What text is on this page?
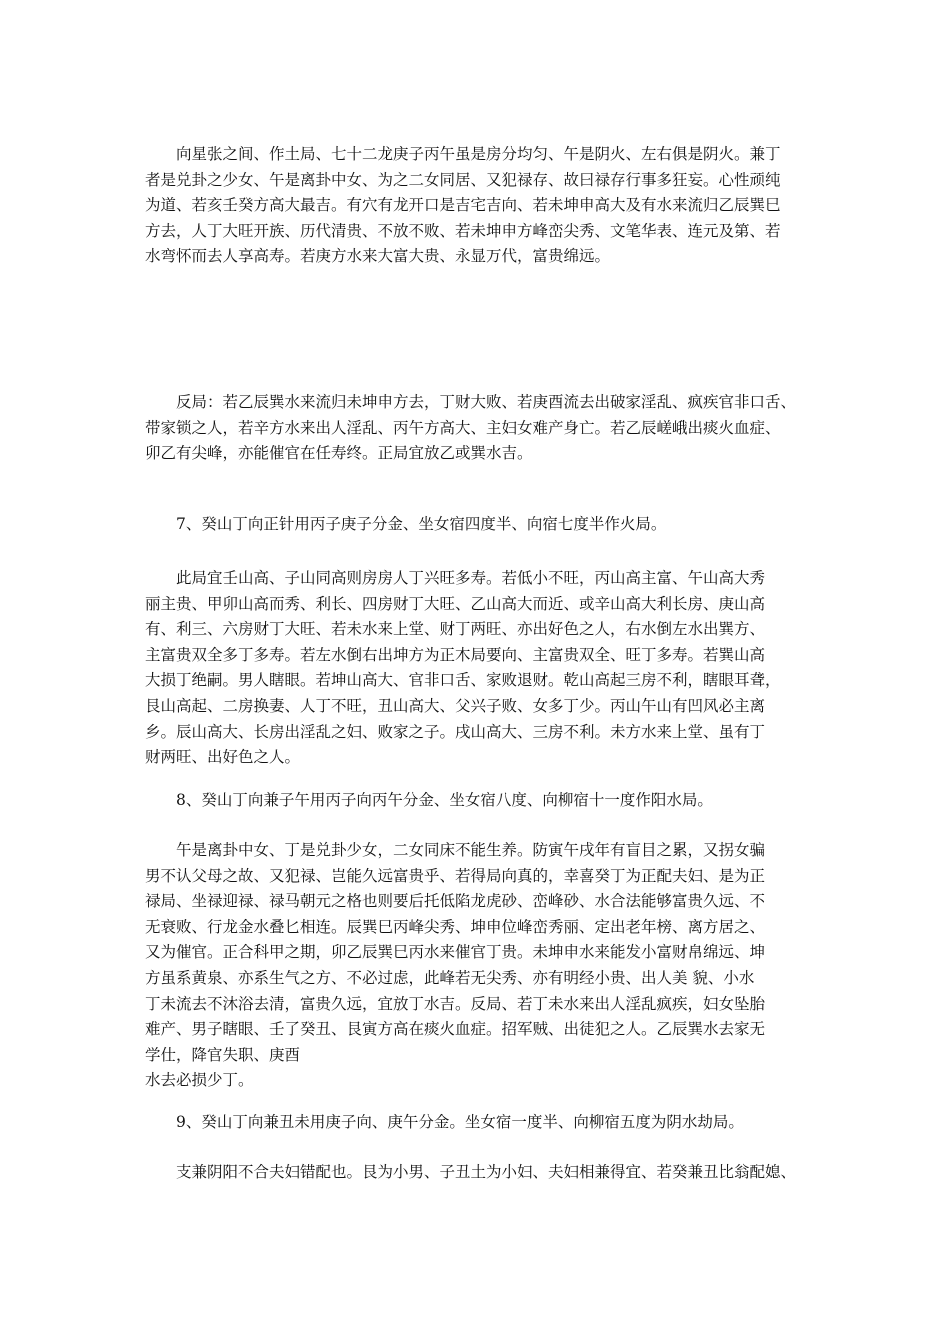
向星张之间、作土局、七十二龙庚子丙午虽是房分均匀、午是阴火、左右俱是阴火。兼丁
者是兑卦之少女、午是离卦中女、为之二女同居、又犯禄存、故曰禄存行事多狂妄。心性顽纯
为道、若亥壬癸方高大最吉。有穴有龙开口是吉宅吉向、若未坤申高大及有水来流归乙辰巽巳
方去，人丁大旺开族、历代清贵、不放不败、若未坤申方峰峦尖秀、文笔华表、连元及第、若
水弯怀而去人享高寿。若庚方水来大富大贵、永显万代，富贵绵远。
反局：若乙辰巽水来流归未坤申方去，丁财大败、若庚酉流去出破家淫乱、疯疾官非口舌、
带家锁之人，若辛方水来出人淫乱、丙午方高大、主妇女难产身亡。若乙辰嵯峨出痰火血症、
卯乙有尖峰，亦能催官在任寿终。正局宜放乙或巽水吉。
7、癸山丁向正针用丙子庚子分金、坐女宿四度半、向宿七度半作火局。
此局宜壬山高、子山同高则房房人丁兴旺多寿。若低小不旺，丙山高主富、午山高大秀
丽主贵、甲卯山高而秀、利长、四房财丁大旺、乙山高大而近、或辛山高大利长房、庚山高
有、利三、六房财丁大旺、若未水来上堂、财丁两旺、亦出好色之人，右水倒左水出巽方、
主富贵双全多丁多寿。若左水倒右出坤方为正木局要向、主富贵双全、旺丁多寿。若巽山高
大损丁绝嗣。男人瞎眼。若坤山高大、官非口舌、家败退财。乾山高起三房不利，瞎眼耳聋，
艮山高起、二房换妻、人丁不旺，丑山高大、父兴子败、女多丁少。丙山午山有凹风必主离
乡。辰山高大、长房出淫乱之妇、败家之子。戌山高大、三房不利。未方水来上堂、虽有丁
财两旺、出好色之人。
8、癸山丁向兼子午用丙子向丙午分金、坐女宿八度、向柳宿十一度作阳水局。
午是离卦中女、丁是兑卦少女，二女同床不能生养。防寅午戌年有盲目之累，又拐女骗
男不认父母之故、又犯禄、岂能久远富贵乎、若得局向真的，幸喜癸丁为正配夫妇、是为正
禄局、坐禄迎禄、禄马朝元之格也则要后托低陷龙虎砂、峦峰砂、水合法能够富贵久远、不
无衰败、行龙金水叠匕相连。辰巽巳丙峰尖秀、坤申位峰峦秀丽、定出老年榜、离方居之、
又为催官。正合科甲之期，卯乙辰巽巳丙水来催官丁贵。未坤申水来能发小富财帛绵远、坤
方虽系黄泉、亦系生气之方、不必过虑，此峰若无尖秀、亦有明经小贵、出人美 貌、小水
丁未流去不沐浴去清，富贵久远，宜放丁水吉。反局、若丁未水来出人淫乱疯疾，妇女坠胎
难产、男子瞎眼、壬了癸丑、艮寅方高在痰火血症。招军贼、出徒犯之人。乙辰巽水去家无
学仕，降官失职、庚酉
水去必损少丁。
9、癸山丁向兼丑未用庚子向、庚午分金。坐女宿一度半、向柳宿五度为阴水劫局。
支兼阴阳不合夫妇错配也。艮为小男、子丑土为小妇、夫妇相兼得宜、若癸兼丑比翁配媳、
